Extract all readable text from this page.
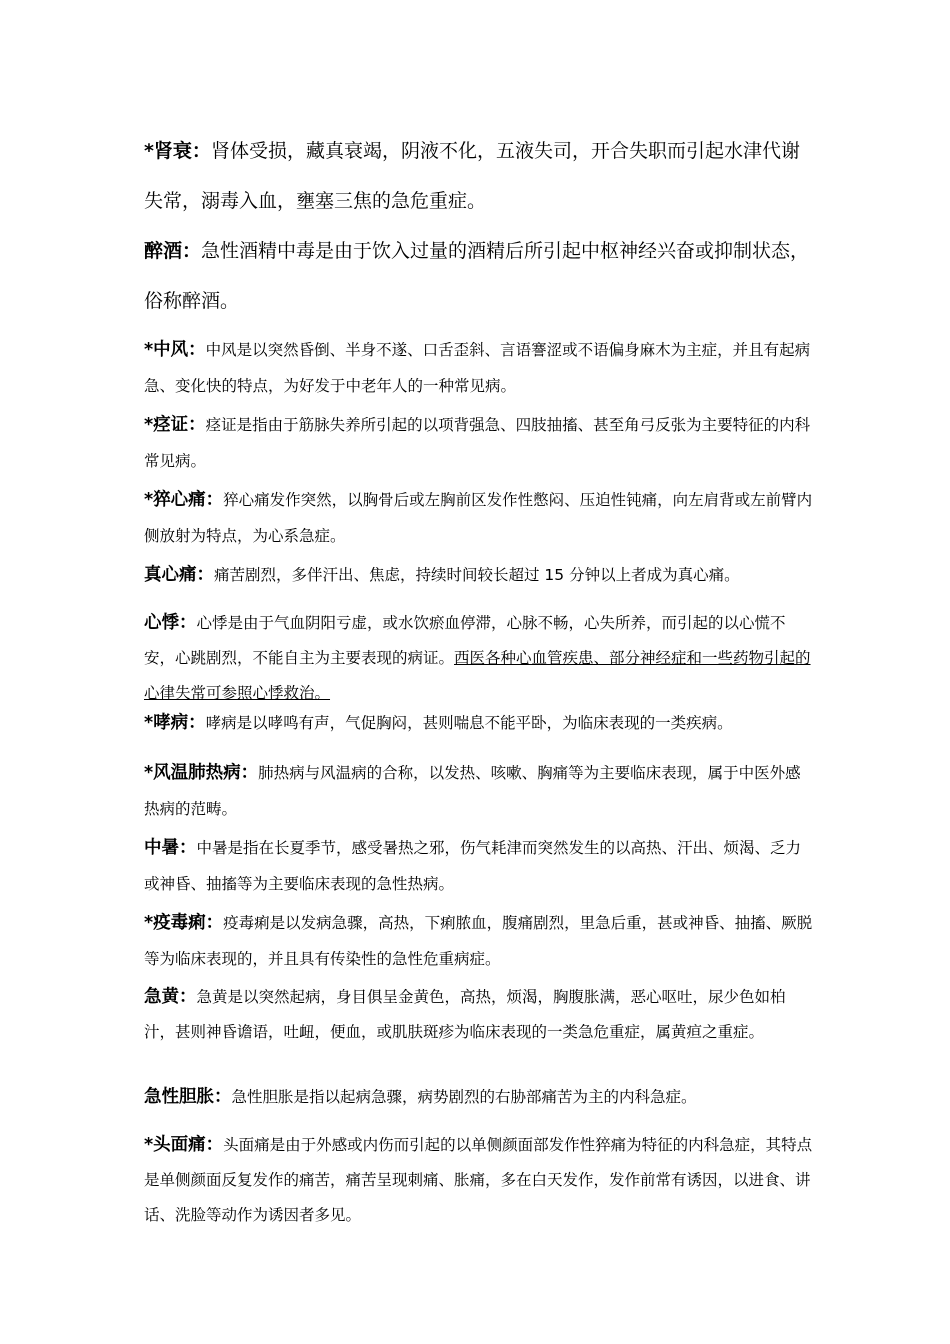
*肾衰：肾体受损，藏真衰竭，阴液不化，五液失司，开合失职而引起水津代谢失常，溺毒入血，壅塞三焦的急危重症。

醉酒：急性酒精中毒是由于饮入过量的酒精后所引起中枢神经兴奋或抑制状态，俗称醉酒。

*中风：中风是以突然昏倒、半身不遂、口舌歪斜、言语謇涩或不语偏身麻木为主症，并且有起病急、变化快的特点，为好发于中老年人的一种常见病。

*痉证：痉证是指由于筋脉失养所引起的以项背强急、四肢抽搐、甚至角弓反张为主要特征的内科常见病。

*猝心痛：猝心痛发作突然，以胸骨后或左胸前区发作性憋闷、压迫性钝痛，向左肩背或左前臂内侧放射为特点，为心系急症。

真心痛：痛苦剧烈，多伴汗出、焦虑，持续时间较长超过 15 分钟以上者成为真心痛。

心悸：心悸是由于气血阴阳亏虚，或水饮瘀血停滞，心脉不畅，心失所养，而引起的以心慌不安，心跳剧烈，不能自主为主要表现的病证。西医各种心血管疾患、部分神经症和一些药物引起的心律失常可参照心悸救治。

*哮病：哮病是以哮鸣有声，气促胸闷，甚则喘息不能平卧，为临床表现的一类疾病。

*风温肺热病：肺热病与风温病的合称，以发热、咳嗽、胸痛等为主要临床表现，属于中医外感热病的范畴。

中暑：中暑是指在长夏季节，感受暑热之邪，伤气耗津而突然发生的以高热、汗出、烦渴、乏力或神昏、抽搐等为主要临床表现的急性热病。

*疫毒痢：疫毒痢是以发病急骤，高热，下痢脓血，腹痛剧烈，里急后重，甚或神昏、抽搐、厥脱等为临床表现的，并且具有传染性的急性危重病症。

急黄：急黄是以突然起病，身目俱呈金黄色，高热，烦渴，胸腹胀满，恶心呕吐，尿少色如柏汁，甚则神昏谵语，吐衄，便血，或肌肤斑疹为临床表现的一类急危重症，属黄疸之重症。

急性胆胀：急性胆胀是指以起病急骤，病势剧烈的右胁部痛苦为主的内科急症。

*头面痛：头面痛是由于外感或内伤而引起的以单侧颜面部发作性猝痛为特征的内科急症，其特点是单侧颜面反复发作的痛苦，痛苦呈现刺痛、胀痛，多在白天发作，发作前常有诱因，以进食、讲话、洗脸等动作为诱因者多见。
